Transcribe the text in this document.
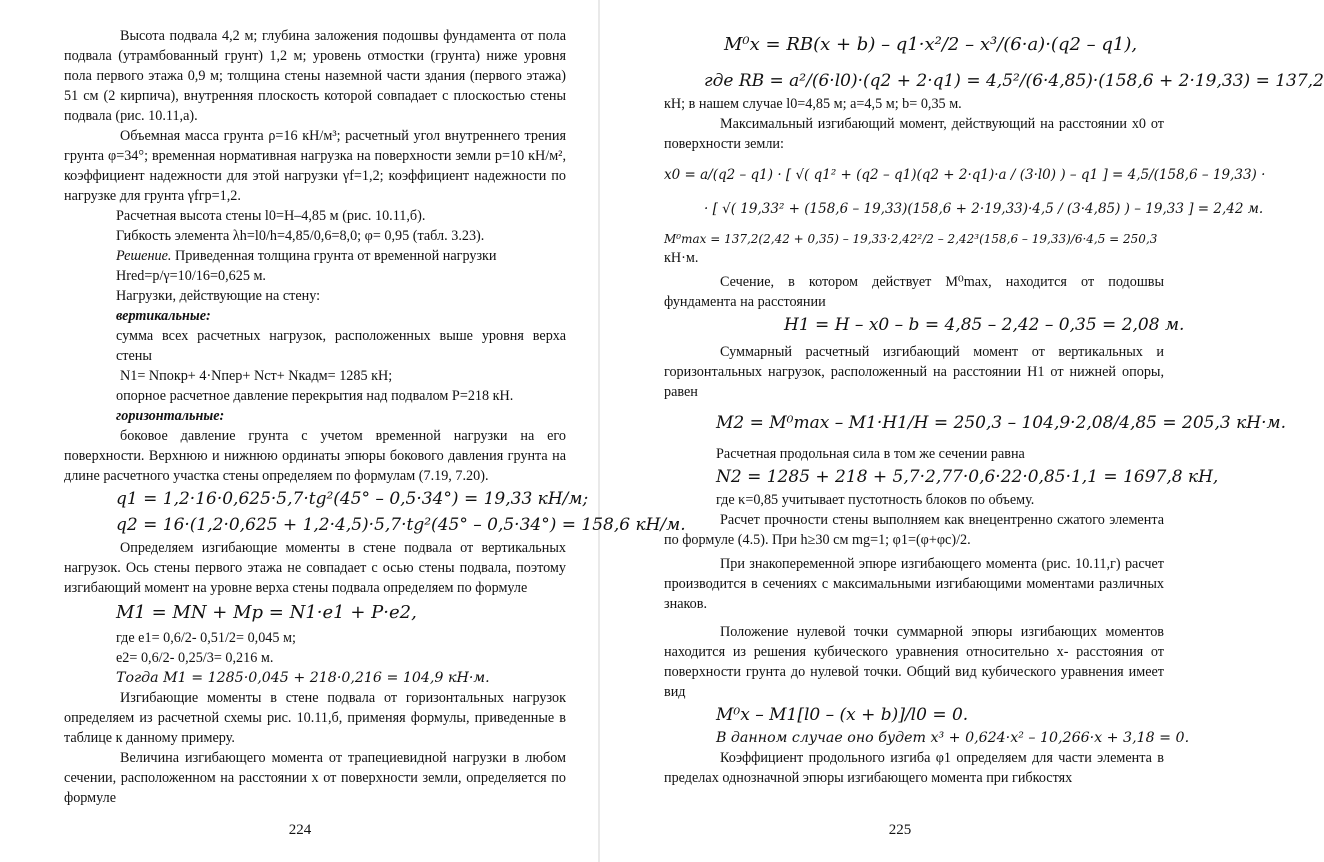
Высота подвала 4,2 м; глубина заложения подошвы фундамента от пола подвала (утрамбованный грунт) 1,2 м; уровень отмостки (грунта) ниже уровня пола первого этажа 0,9 м; толщина стены наземной части здания (первого этажа) 51 см (2 кирпича), внутренняя плоскость которой совпадает с плоскостью стены подвала (рис. 10.11,а).

Объемная масса грунта ρ=16 кН/м³; расчетный угол внутреннего трения грунта φ=34°; временная нормативная нагрузка на поверхности земли p=10 кН/м², коэффициент надежности для этой нагрузки γf=1,2; коэффициент надежности по нагрузке для грунта γfгр=1,2.

Расчетная высота стены l0=H–4,85 м (рис. 10.11,б).

Гибкость элемента λh=l0/h=4,85/0,6=8,0; φ= 0,95 (табл. 3.23).

Решение. Приведенная толщина грунта от временной нагрузки

Hred=p/γ=10/16=0,625 м.

Нагрузки, действующие на стену:

вертикальные:

сумма всех расчетных нагрузок, расположенных выше уровня верха стены

N1= Nпокр+ 4·Nпер+ Nст+ Nкадм= 1285 кН;

опорное расчетное давление перекрытия над подвалом P=218 кН.

горизонтальные:

боковое давление грунта с учетом временной нагрузки на его поверхности. Верхнюю и нижнюю ординаты эпюры бокового давления грунта на длине расчетного участка стены определяем по формулам (7.19, 7.20).

q1 = 1,2·16·0,625·5,7·tg²(45° – 0,5·34°) = 19,33 кН/м;

q2 = 16·(1,2·0,625 + 1,2·4,5)·5,7·tg²(45° – 0,5·34°) = 158,6 кН/м.

Определяем изгибающие моменты в стене подвала от вертикальных нагрузок. Ось стены первого этажа не совпадает с осью стены подвала, поэтому изгибающий момент на уровне верха стены подвала определяем по формуле

M1 = MN + Mp = N1·e1 + P·e2,

где e1= 0,6/2- 0,51/2= 0,045 м;

e2= 0,6/2- 0,25/3= 0,216 м.

Тогда M1 = 1285·0,045 + 218·0,216 = 104,9 кН·м.

Изгибающие моменты в стене подвала от горизонтальных нагрузок определяем из расчетной схемы рис. 10.11,б, применяя формулы, приведенные в таблице к данному примеру.

Величина изгибающего момента от трапециевидной нагрузки в любом сечении, расположенном на расстоянии x от поверхности земли, определяется по формуле

224

M⁰x = RB(x + b) – q1·x²/2 – x³/(6·a)·(q2 – q1),

где RB = a²/(6·l0)·(q2 + 2·q1) = 4,5²/(6·4,85)·(158,6 + 2·19,33) = 137,2

кН; в нашем случае l0=4,85 м; a=4,5 м; b= 0,35 м.

Максимальный изгибающий момент, действующий на расстоянии x0 от поверхности земли:

x0 = a/(q2 – q1) · [ √( q1² + (q2 – q1)(q2 + 2·q1)·a / (3·l0) ) – q1 ] = 4,5/(158,6 – 19,33) ·

· [ √( 19,33² + (158,6 – 19,33)(158,6 + 2·19,33)·4,5 / (3·4,85) ) – 19,33 ] = 2,42 м.

M⁰max = 137,2(2,42 + 0,35) – 19,33·2,42²/2 – 2,42³(158,6 – 19,33)/6·4,5 = 250,3

кН·м.

Сечение, в котором действует M⁰max, находится от подошвы фундамента на расстоянии

H1 = H – x0 – b = 4,85 – 2,42 – 0,35 = 2,08 м.

Суммарный расчетный изгибающий момент от вертикальных и горизонтальных нагрузок, расположенный на расстоянии H1 от нижней опоры, равен

M2 = M⁰max – M1·H1/H = 250,3 – 104,9·2,08/4,85 = 205,3 кН·м.

Расчетная продольная сила в том же сечении равна

N2 = 1285 + 218 + 5,7·2,77·0,6·22·0,85·1,1 = 1697,8 кН,

где κ=0,85 учитывает пустотность блоков по объему.

Расчет прочности стены выполняем как внецентренно сжатого элемента по формуле (4.5). При h≥30 см mg=1; φ1=(φ+φc)/2.

При знакопеременной эпюре изгибающего момента (рис. 10.11,г) расчет производится в сечениях с максимальными изгибающими моментами различных знаков.

Положение нулевой точки суммарной эпюры изгибающих моментов находится из решения кубического уравнения относительно x- расстояния от поверхности грунта до нулевой точки. Общий вид кубического уравнения имеет вид

M⁰x – M1[l0 – (x + b)]/l0 = 0.

В данном случае оно будет x³ + 0,624·x² – 10,266·x + 3,18 = 0.

Коэффициент продольного изгиба φ1 определяем для части элемента в пределах однозначной эпюры изгибающего момента при гибкостях

225
